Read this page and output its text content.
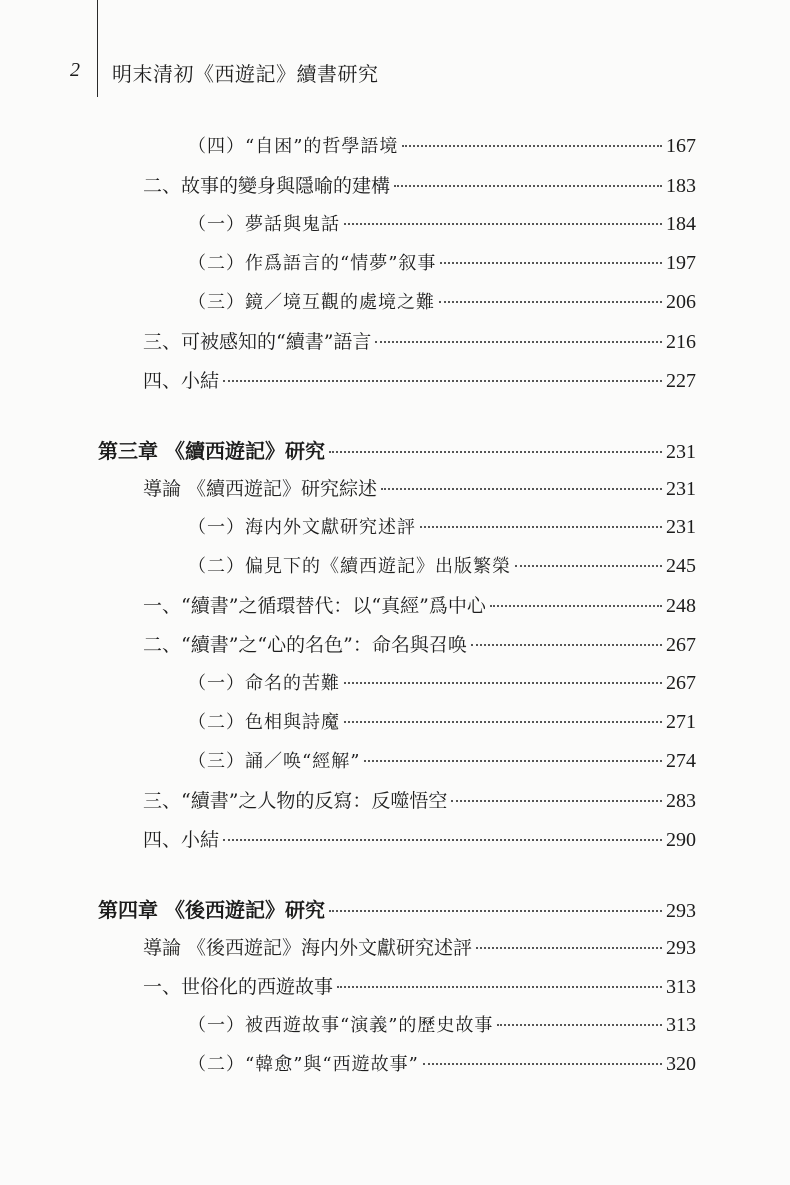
2 明末清初《西遊記》續書研究
（四）“自困”的哲學語境	167
二、故事的變身與隱喻的建構	183
（一）夢話與鬼話	184
（二）作爲語言的“情夢”叙事	197
（三）鏡／境互觀的處境之難	206
三、可被感知的“續書”語言	216
四、小結	227
第三章 《續西遊記》研究	231
導論 《續西遊記》研究綜述	231
（一）海内外文獻研究述評	231
（二）偏見下的《續西遊記》出版繁榮	245
一、“續書”之循環替代：以“真經”爲中心	248
二、“續書”之“心的名色”：命名與召唤	267
（一）命名的苦難	267
（二）色相與詩魔	271
（三）誦／唤“經解”	274
三、“續書”之人物的反寫：反噬悟空	283
四、小結	290
第四章 《後西遊記》研究	293
導論 《後西遊記》海内外文獻研究述評	293
一、世俗化的西遊故事	313
（一）被西遊故事“演義”的歷史故事	313
（二）“韓愈”與“西遊故事”	320
